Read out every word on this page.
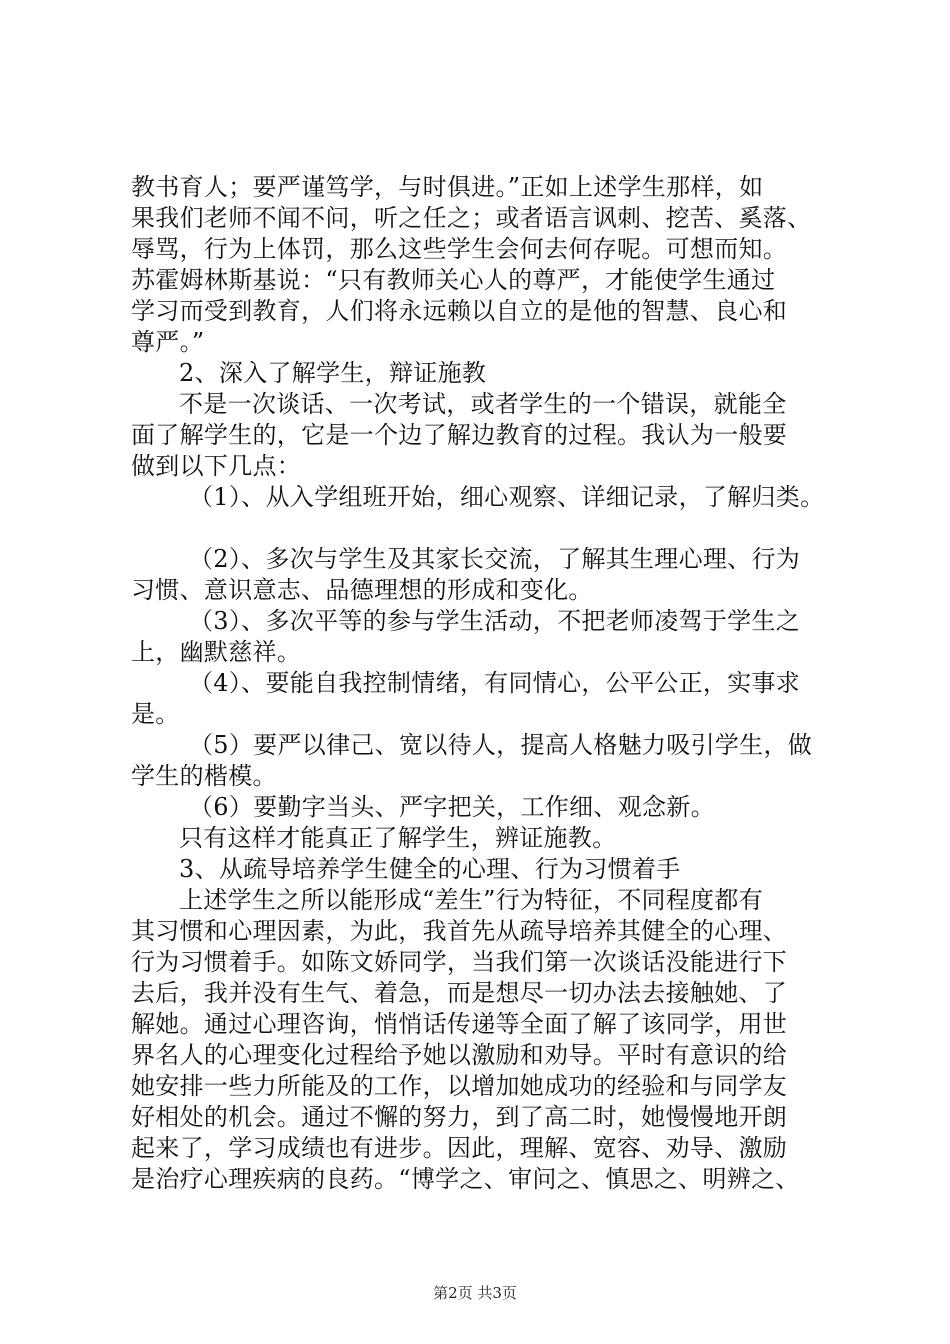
教书育人；要严谨笃学，与时俱进。”正如上述学生那样，如
果我们老师不闻不问，听之任之；或者语言讽刺、挖苦、奚落、
辱骂，行为上体罚，那么这些学生会何去何存呢。可想而知。
苏霍姆林斯基说：“只有教师关心人的尊严，才能使学生通过
学习而受到教育，人们将永远赖以自立的是他的智慧、良心和
尊严。”
2、深入了解学生，辩证施教
不是一次谈话、一次考试，或者学生的一个错误，就能全
面了解学生的，它是一个边了解边教育的过程。我认为一般要
做到以下几点：
（1）、从入学组班开始，细心观察、详细记录，了解归类。
（2）、多次与学生及其家长交流，了解其生理心理、行为
习惯、意识意志、品德理想的形成和变化。
（3）、多次平等的参与学生活动，不把老师凌驾于学生之
上，幽默慈祥。
（4）、要能自我控制情绪，有同情心，公平公正，实事求
是。
（5）要严以律己、宽以待人，提高人格魅力吸引学生，做
学生的楷模。
（6）要勤字当头、严字把关，工作细、观念新。
只有这样才能真正了解学生，辨证施教。
3、从疏导培养学生健全的心理、行为习惯着手
上述学生之所以能形成“差生”行为特征，不同程度都有
其习惯和心理因素，为此，我首先从疏导培养其健全的心理、
行为习惯着手。如陈文娇同学，当我们第一次谈话没能进行下
去后，我并没有生气、着急，而是想尽一切办法去接触她、了
解她。通过心理咨询，悄悄话传递等全面了解了该同学，用世
界名人的心理变化过程给予她以激励和劝导。平时有意识的给
她安排一些力所能及的工作，以增加她成功的经验和与同学友
好相处的机会。通过不懈的努力，到了高二时，她慢慢地开朗
起来了，学习成绩也有进步。因此，理解、宽容、劝导、激励
是治疗心理疾病的良药。“博学之、审问之、慎思之、明辨之、
第2页 共3页
